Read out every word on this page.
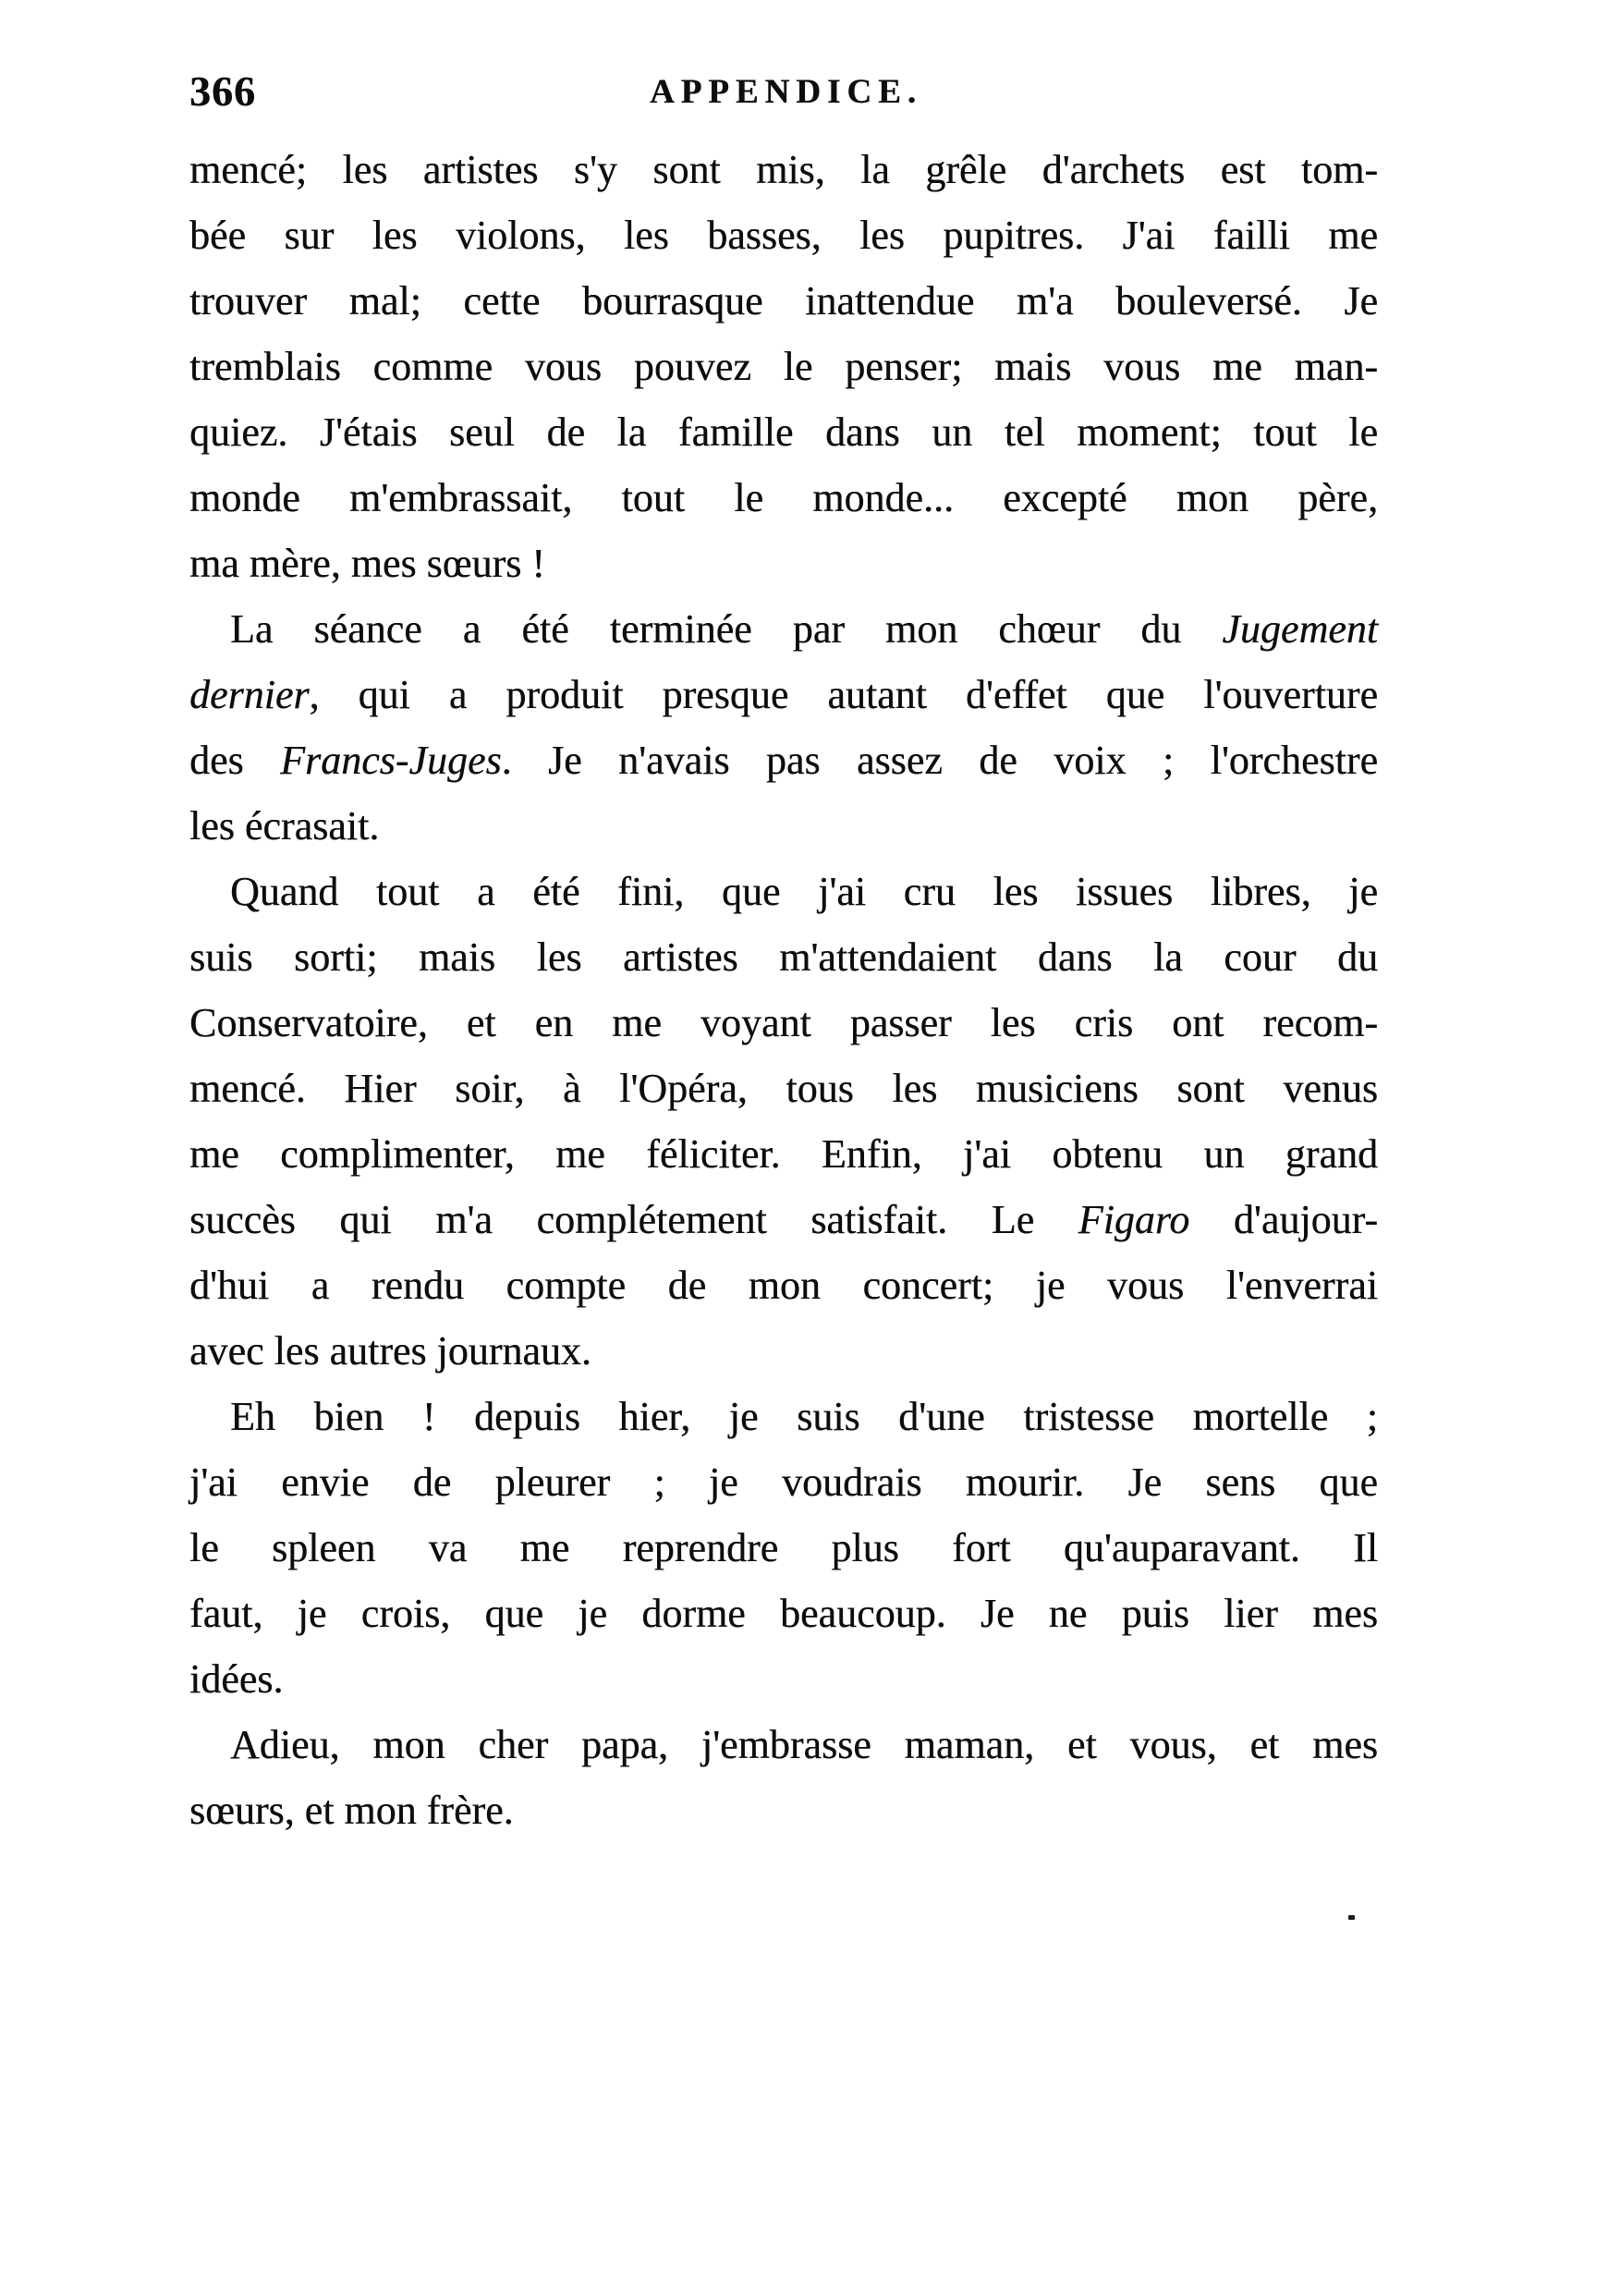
366	APPENDICE.
mencé; les artistes s'y sont mis, la grêle d'archets est tom-
bée sur les violons, les basses, les pupitres. J'ai failli me
trouver mal; cette bourrasque inattendue m'a bouleversé. Je
tremblais comme vous pouvez le penser; mais vous me man-
quiez. J'étais seul de la famille dans un tel moment; tout le
monde m'embrassait, tout le monde... excepté mon père,
ma mère, mes sœurs !
La séance a été terminée par mon chœur du Jugement
dernier, qui a produit presque autant d'effet que l'ouverture
des Francs-Juges. Je n'avais pas assez de voix ; l'orchestre
les écrasait.
Quand tout a été fini, que j'ai cru les issues libres, je
suis sorti; mais les artistes m'attendaient dans la cour du
Conservatoire, et en me voyant passer les cris ont recom-
mencé. Hier soir, à l'Opéra, tous les musiciens sont venus
me complimenter, me féliciter. Enfin, j'ai obtenu un grand
succès qui m'a complétement satisfait. Le Figaro d'aujour-
d'hui a rendu compte de mon concert; je vous l'enverrai
avec les autres journaux.
Eh bien ! depuis hier, je suis d'une tristesse mortelle ;
j'ai envie de pleurer ; je voudrais mourir. Je sens que
le spleen va me reprendre plus fort qu'auparavant. Il
faut, je crois, que je dorme beaucoup. Je ne puis lier mes
idées.
Adieu, mon cher papa, j'embrasse maman, et vous, et mes
sœurs, et mon frère.
